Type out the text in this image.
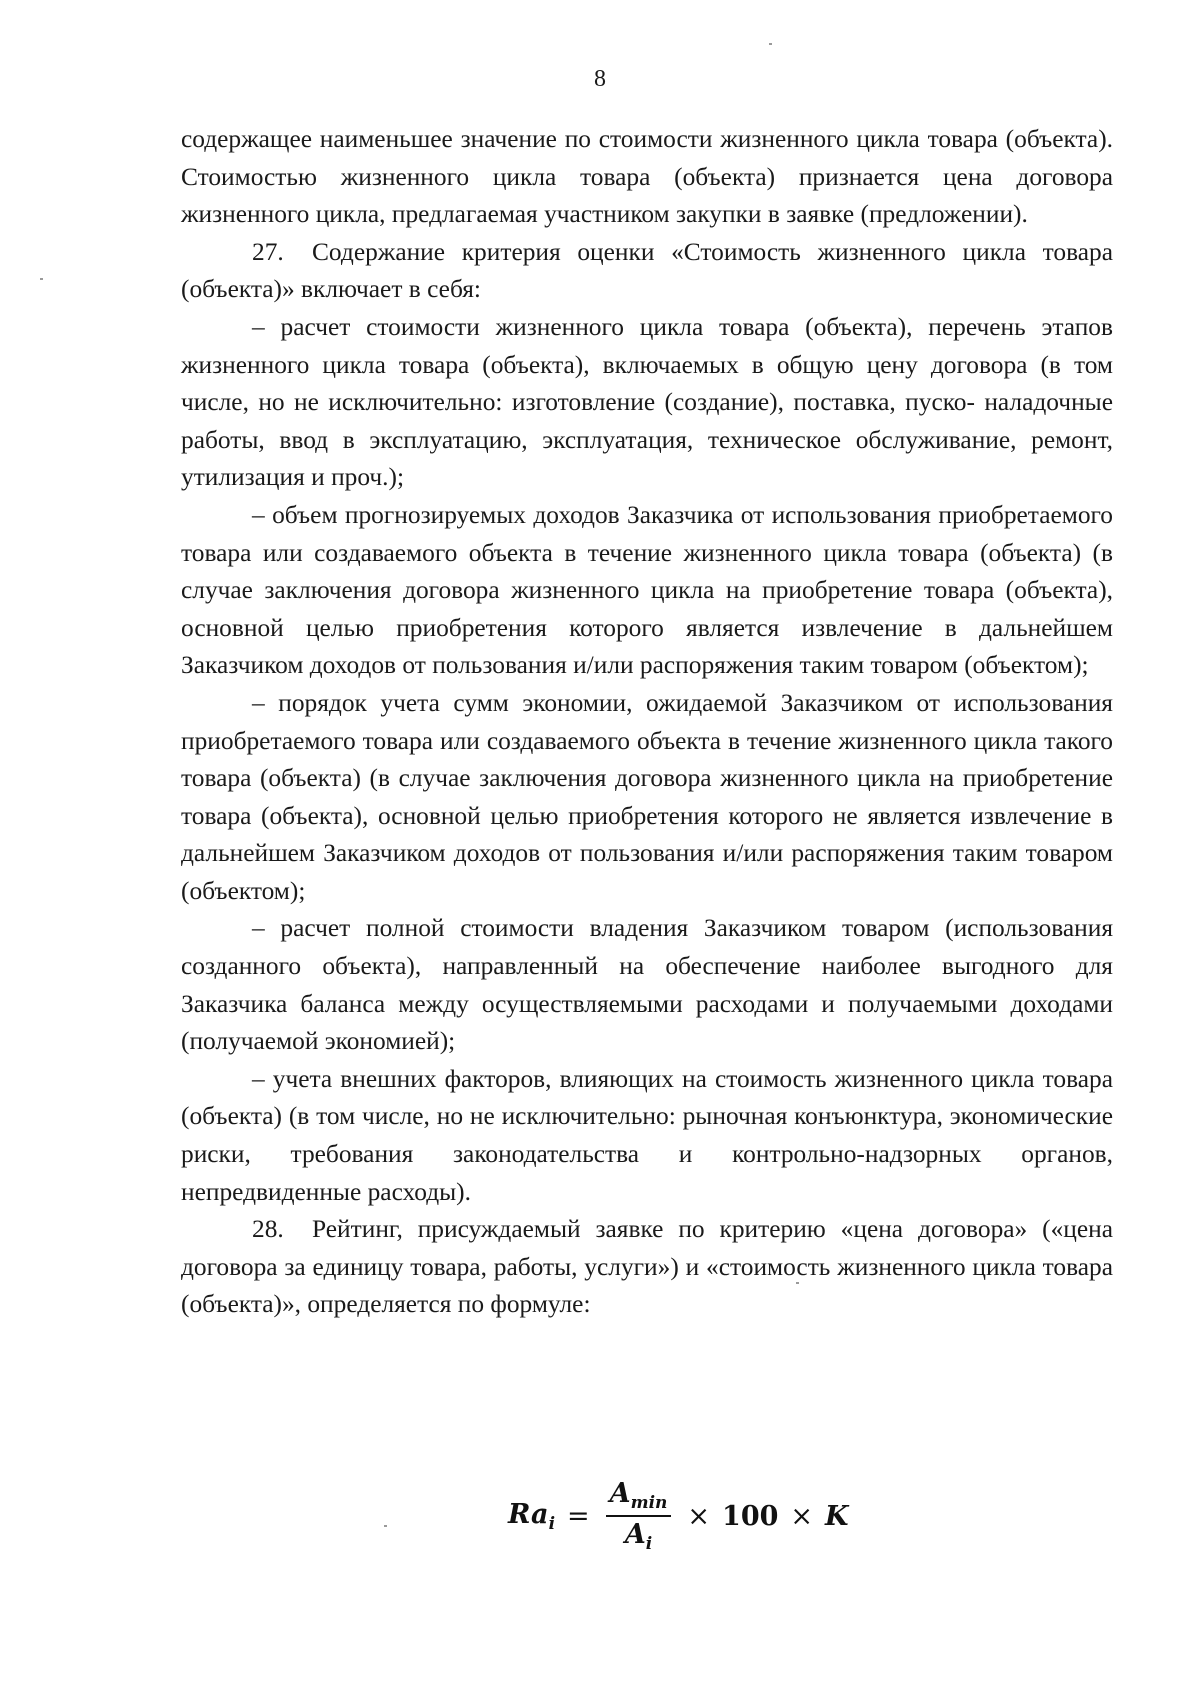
8

содержащее наименьшее значение по стоимости жизненного цикла товара (объекта). Стоимостью жизненного цикла товара (объекта) признается цена договора жизненного цикла, предлагаемая участником закупки в заявке (предложении).

27. Содержание критерия оценки «Стоимость жизненного цикла товара (объекта)» включает в себя:

– расчет стоимости жизненного цикла товара (объекта), перечень этапов жизненного цикла товара (объекта), включаемых в общую цену договора (в том числе, но не исключительно: изготовление (создание), поставка, пуско- наладочные работы, ввод в эксплуатацию, эксплуатация, техническое обслуживание, ремонт, утилизация и проч.);

– объем прогнозируемых доходов Заказчика от использования приобретаемого товара или создаваемого объекта в течение жизненного цикла товара (объекта) (в случае заключения договора жизненного цикла на приобретение товара (объекта), основной целью приобретения которого является извлечение в дальнейшем Заказчиком доходов от пользования и/или распоряжения таким товаром (объектом);

– порядок учета сумм экономии, ожидаемой Заказчиком от использования приобретаемого товара или создаваемого объекта в течение жизненного цикла такого товара (объекта) (в случае заключения договора жизненного цикла на приобретение товара (объекта), основной целью приобретения которого не является извлечение в дальнейшем Заказчиком доходов от пользования и/или распоряжения таким товаром (объектом);

– расчет полной стоимости владения Заказчиком товаром (использования созданного объекта), направленный на обеспечение наиболее выгодного для Заказчика баланса между осуществляемыми расходами и получаемыми доходами (получаемой экономией);

– учета внешних факторов, влияющих на стоимость жизненного цикла товара (объекта) (в том числе, но не исключительно: рыночная конъюнктура, экономические риски, требования законодательства и контрольно-надзорных органов, непредвиденные расходы).

28. Рейтинг, присуждаемый заявке по критерию «цена договора» («цена договора за единицу товара, работы, услуги») и «стоимость жизненного цикла товара (объекта)», определяется по формуле:

$Ra_i = \frac{A_{min}}{A_i} \times 100 \times K$
